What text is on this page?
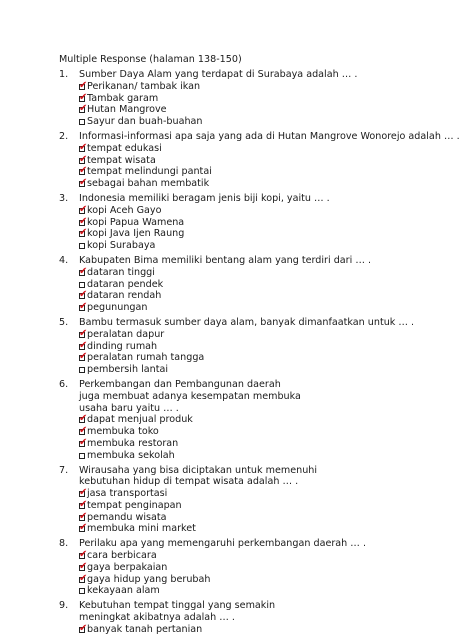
Multiple Response (halaman 138-150)
1. Sumber Daya Alam yang terdapat di Surabaya adalah … .
✔ Perikanan/ tambak ikan
✔ Tambak garam
✔ Hutan Mangrove
Sayur dan buah-buahan
2. Informasi-informasi apa saja yang ada di Hutan Mangrove Wonorejo adalah … .
✔ tempat edukasi
✔ tempat wisata
✔ tempat melindungi pantai
✔ sebagai bahan membatik
3. Indonesia memiliki beragam jenis biji kopi, yaitu … .
✔ kopi Aceh Gayo
✔ kopi Papua Wamena
✔ kopi Java Ijen Raung
kopi Surabaya
4. Kabupaten Bima memiliki bentang alam yang terdiri dari … .
✔ dataran tinggi
dataran pendek
✔ dataran rendah
✔ pegunungan
5. Bambu termasuk sumber daya alam, banyak dimanfaatkan untuk … .
✔ peralatan dapur
✔ dinding rumah
✔ peralatan rumah tangga
pembersih lantai
6. Perkembangan dan Pembangunan daerah
juga membuat adanya kesempatan membuka
usaha baru yaitu … .
✔ dapat menjual produk
✔ membuka toko
✔ membuka restoran
membuka sekolah
7. Wirausaha yang bisa diciptakan untuk memenuhi
kebutuhan hidup di tempat wisata adalah … .
✔ jasa transportasi
✔ tempat penginapan
✔ pemandu wisata
✔ membuka mini market
8. Perilaku apa yang memengaruhi perkembangan daerah … .
✔ cara berbicara
✔ gaya berpakaian
✔ gaya hidup yang berubah
kekayaan alam
9. Kebutuhan tempat tinggal yang semakin
meningkat akibatnya adalah … .
✔ banyak tanah pertanian
